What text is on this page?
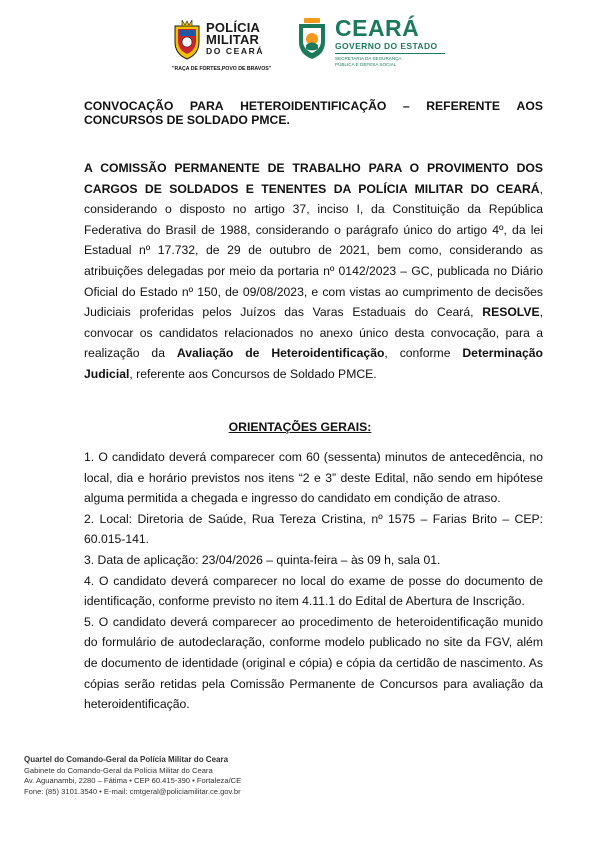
POLÍCIA
MILITAR
DO CEARÁ
"RAÇA DE FORTES,POVO DE BRAVOS"
CEARÁ
GOVERNO DO ESTADO
SECRETARIA DA SEGURANÇA
PÚBLICA E DEFESA SOCIAL
CONVOCAÇÃO PARA HETEROIDENTIFICAÇÃO – REFERENTE AOS
CONCURSOS DE SOLDADO PMCE.
A COMISSÃO PERMANENTE DE TRABALHO PARA O PROVIMENTO DOS CARGOS DE SOLDADOS E TENENTES DA POLÍCIA MILITAR DO CEARÁ, considerando o disposto no artigo 37, inciso I, da Constituição da República Federativa do Brasil de 1988, considerando o parágrafo único do artigo 4º, da lei Estadual nº 17.732, de 29 de outubro de 2021, bem como, considerando as atribuições delegadas por meio da portaria nº 0142/2023 – GC, publicada no Diário Oficial do Estado nº 150, de 09/08/2023, e com vistas ao cumprimento de decisões Judiciais proferidas pelos Juízos das Varas Estaduais do Ceará, RESOLVE, convocar os candidatos relacionados no anexo único desta convocação, para a realização da Avaliação de Heteroidentificação, conforme Determinação Judicial, referente aos Concursos de Soldado PMCE.
ORIENTAÇÕES GERAIS:

1. O candidato deverá comparecer com 60 (sessenta) minutos de antecedência, no local, dia e horário previstos nos itens “2 e 3” deste Edital, não sendo em hipótese alguma permitida a chegada e ingresso do candidato em condição de atraso.

2. Local: Diretoria de Saúde, Rua Tereza Cristina, nº 1575 – Farias Brito – CEP: 60.015-141.

3. Data de aplicação: 23/04/2026 – quinta-feira – às 09 h, sala 01.

4. O candidato deverá comparecer no local do exame de posse do documento de identificação, conforme previsto no item 4.11.1 do Edital de Abertura de Inscrição.

5. O candidato deverá comparecer ao procedimento de heteroidentificação munido do formulário de autodeclaração, conforme modelo publicado no site da FGV, além de documento de identidade (original e cópia) e cópia da certidão de nascimento. As cópias serão retidas pela Comissão Permanente de Concursos para avaliação da heteroidentificação.

Quartel do Comando-Geral da Polícia Militar do Ceara
Gabinete do Comando-Geral da Polícia Militar do Ceara
Av. Aguanambi, 2280 – Fátima • CEP 60.415-390 • Fortaleza/CE
Fone: (85) 3101.3540 • E-mail: cmtgeral@policiamilitar.ce.gov.br
